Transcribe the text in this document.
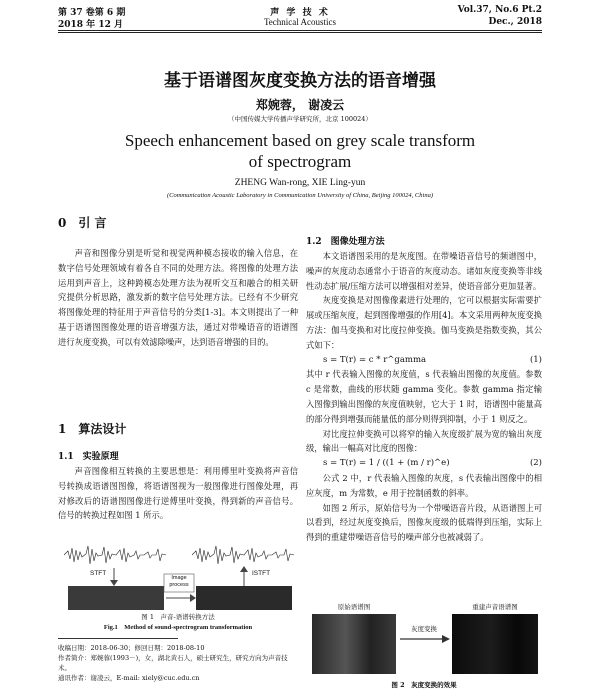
第 37 卷第 6 期
2018 年 12 月
声 学 技 术
Technical Acoustics
Vol.37, No.6 Pt.2
Dec., 2018
基于语谱图灰度变换方法的语音增强
郑婉蓉， 谢凌云
（中国传媒大学传播声学研究所，北京 100024）
Speech enhancement based on grey scale transform
of spectrogram
ZHENG Wan-rong, XIE Ling-yun
(Communication Acoustic Laboratory in Communication University of China, Beijing 100024, China)
0　引 言

声音和图像分别是听觉和视觉两种模态接收的输入信息，在数字信号处理领域有着各自不同的处理方法。将图像的处理方法运用到声音上，这种跨模态处理方法为视听交互和融合的相关研究提供分析思路，激发新的数字信号处理方法。已经有不少研究将图像处理的特征用于声音信号的分类[1-3]。本文则提出了一种基于语谱图图像处理的语音增强方法，通过对带噪语音的语谱图进行灰度变换，可以有效滤除噪声，达到语音增强的目的。

1　算法设计
1.1　实验原理

声音图像相互转换的主要思想是：利用傅里叶变换将声音信号转换成语谱图图像，将语谱图视为一般图像进行图像处理，再对修改后的语谱图图像进行逆傅里叶变换，得到新的声音信号。信号的转换过程如图 1 所示。

STFT	ISTFT
Image
process
图 1　声音-语谱转换方法
Fig.1　Method of sound-spectrogram transformation
收稿日期：2018-06-30；修回日期：2018-08-10
作者简介：郑婉蓉(1993－)，女，湖北黄石人，硕士研究生，研究方向为声音技术。
通讯作者：谢凌云，E-mail: xiely@cuc.edu.cn
1.2　图像处理方法

本文语谱图采用的是灰度图。在带噪语音信号的频谱图中，噪声的灰度动态通常小于语音的灰度动态。诸如灰度变换等非线性动态扩展/压缩方法可以增强相对差异，使语音部分更加显著。

灰度变换是对图像像素进行处理的，它可以根据实际需要扩展或压缩灰度，起到图像增强的作用[4]。本文采用两种灰度变换方法：伽马变换和对比度拉伸变换。伽马变换是指数变换，其公式如下：

s = T(r) = c * r^gamma	(1)

其中 r 代表输入图像的灰度值，s 代表输出图像的灰度值。参数 c 是常数，曲线的形状随 gamma 变化。参数 gamma 指定输入图像到输出图像的灰度值映射，它大于 1 时，语谱图中能量高的部分得到增强而能量低的部分则得到抑制，小于 1 则反之。

对比度拉伸变换可以将窄的输入灰度级扩展为宽的输出灰度级，输出一幅高对比度的图像：

s = T(r) = 1 / ((1 + (m / r)^e)	(2)

公式 2 中，r 代表输入图像的灰度，s 代表输出图像中的相应灰度，m 为常数，e 用于控制函数的斜率。

如图 2 所示，原始信号为一个带噪语音片段，从语谱图上可以看到，经过灰度变换后，图像灰度级的低端得到压缩，实际上得到的重建带噪语音信号的噪声部分也被减弱了。

原始语谱图	重建声音语谱图
灰度变换
图 2　灰度变换的效果
